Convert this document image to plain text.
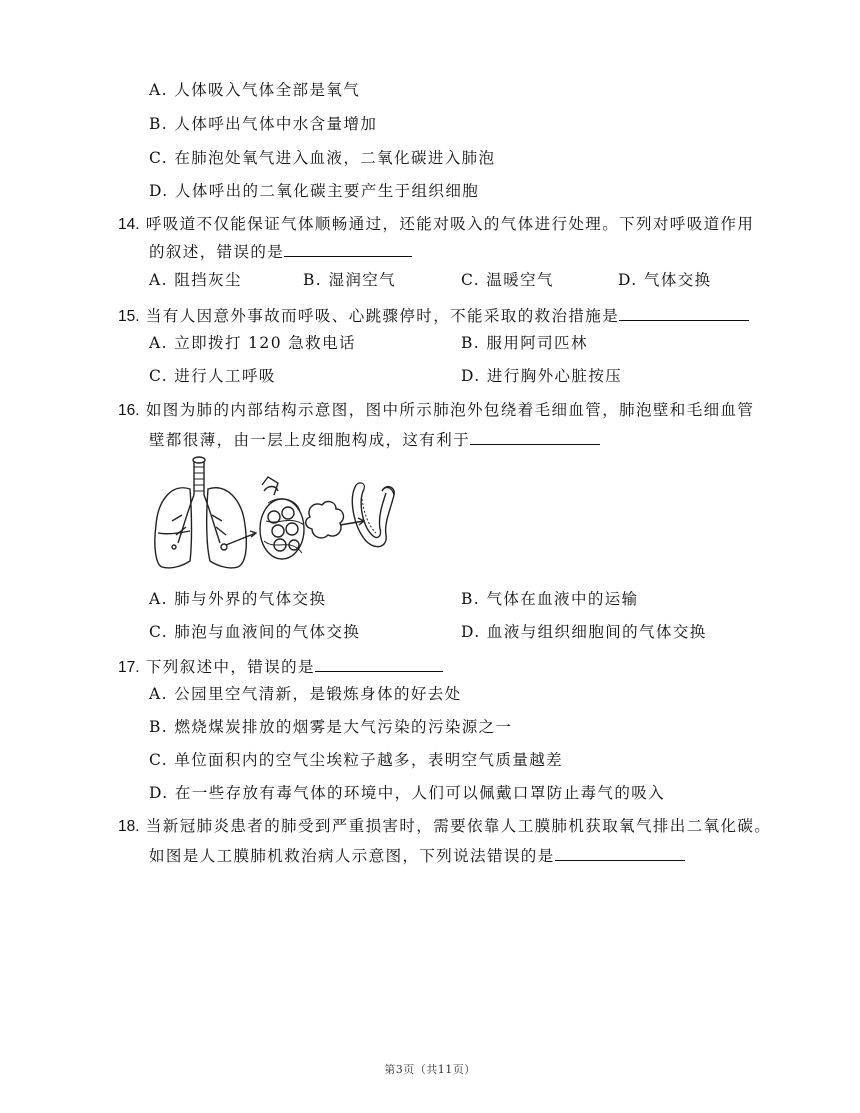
A. 人体吸入气体全部是氧气
B. 人体呼出气体中水含量增加
C. 在肺泡处氧气进入血液，二氧化碳进入肺泡
D. 人体呼出的二氧化碳主要产生于组织细胞
14. 呼吸道不仅能保证气体顺畅通过，还能对吸入的气体进行处理。下列对呼吸道作用
的叙述，错误的是
A. 阻挡灰尘	B. 湿润空气	C. 温暖空气	D. 气体交换
15. 当有人因意外事故而呼吸、心跳骤停时，不能采取的救治措施是
A. 立即拨打 120 急救电话	B. 服用阿司匹林
C. 进行人工呼吸	D. 进行胸外心脏按压
16. 如图为肺的内部结构示意图，图中所示肺泡外包绕着毛细血管，肺泡壁和毛细血管
壁都很薄，由一层上皮细胞构成，这有利于
A. 肺与外界的气体交换	B. 气体在血液中的运输
C. 肺泡与血液间的气体交换	D. 血液与组织细胞间的气体交换
17. 下列叙述中，错误的是
A. 公园里空气清新，是锻炼身体的好去处
B. 燃烧煤炭排放的烟雾是大气污染的污染源之一
C. 单位面积内的空气尘埃粒子越多，表明空气质量越差
D. 在一些存放有毒气体的环境中，人们可以佩戴口罩防止毒气的吸入
18. 当新冠肺炎患者的肺受到严重损害时，需要依靠人工膜肺机获取氧气排出二氧化碳。
如图是人工膜肺机救治病人示意图，下列说法错误的是
第3页（共11页）
